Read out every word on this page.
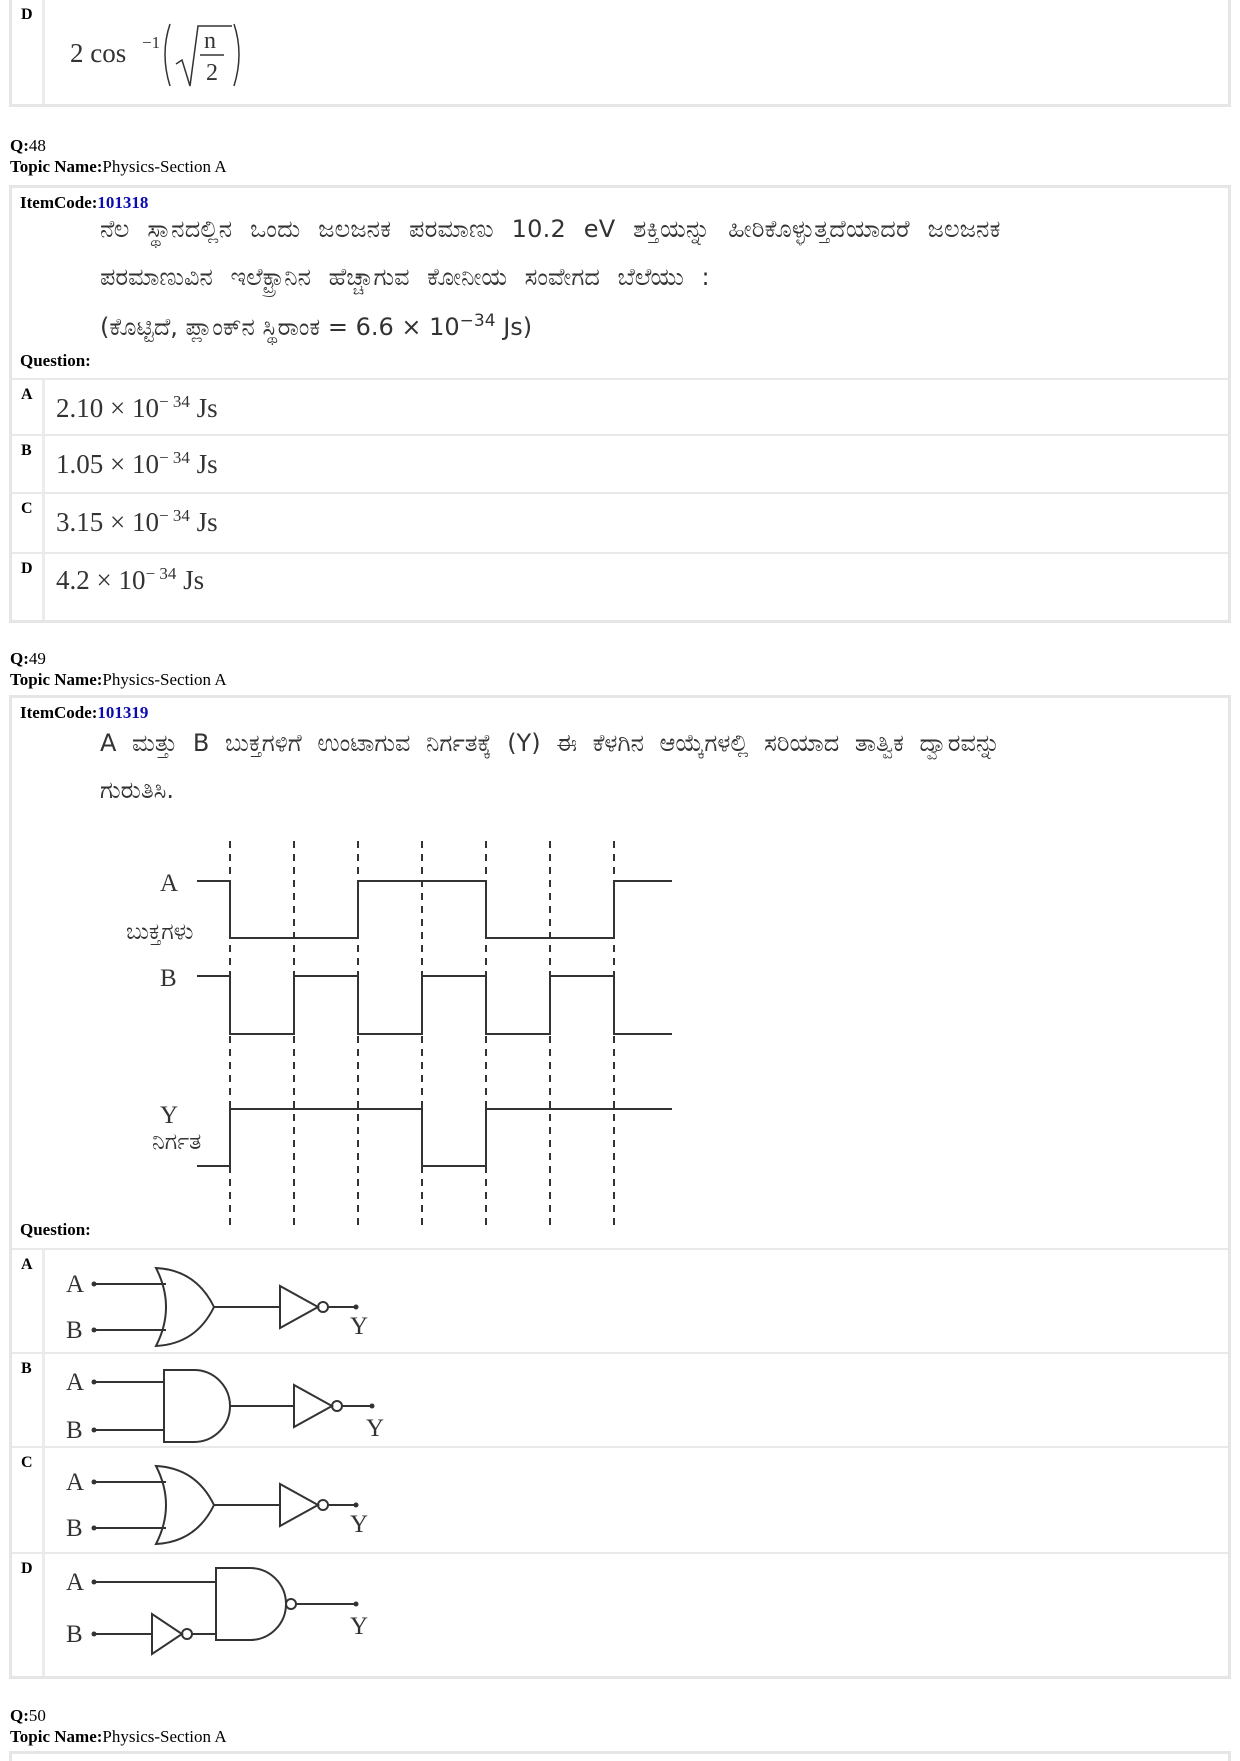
D
2 cos −1 n
2
Q:48
Topic Name:Physics-Section A
ItemCode:101318
ನೆಲ ಸ್ಥಾನದಲ್ಲಿನ ಒಂದು ಜಲಜನಕ ಪರಮಾಣು 10.2 eV ಶಕ್ತಿಯನ್ನು ಹೀರಿಕೊಳ್ಳುತ್ತದೆಯಾದರೆ ಜಲಜನಕ
ಪರಮಾಣುವಿನ ಇಲೆಕ್ಟ್ರಾನಿನ ಹೆಚ್ಚಾಗುವ ಕೋನೀಯ ಸಂವೇಗದ ಬೆಲೆಯು :
(ಕೊಟ್ಟಿದೆ, ಪ್ಲಾಂಕ್‌ನ ಸ್ಥಿರಾಂಕ = $6.6 \times 10^{-34}$ Js)
Question:
A $2.10 \times 10^{- 34}$ Js
B $1.05 \times 10^{- 34}$ Js
C $3.15 \times 10^{- 34}$ Js
D $4.2 \times 10^{- 34}$ Js
Q:49
Topic Name:Physics-Section A
ItemCode:101319
A ಮತ್ತು B ಬುಕ್ತಗಳಿಗೆ ಉಂಟಾಗುವ ನಿರ್ಗತಕ್ಕೆ (Y) ಈ ಕೆಳಗಿನ ಆಯ್ಕೆಗಳಲ್ಲಿ ಸರಿಯಾದ ತಾತ್ವಿಕ ದ್ವಾರವನ್ನು
ಗುರುತಿಸಿ.
A
ಬುಕ್ತಗಳು
B
Y
ನಿರ್ಗತ
Question:
A
A
B	Y
B
A
B	Y
C
A
B	Y
D
A
B	Y
Q:50
Topic Name:Physics-Section A
